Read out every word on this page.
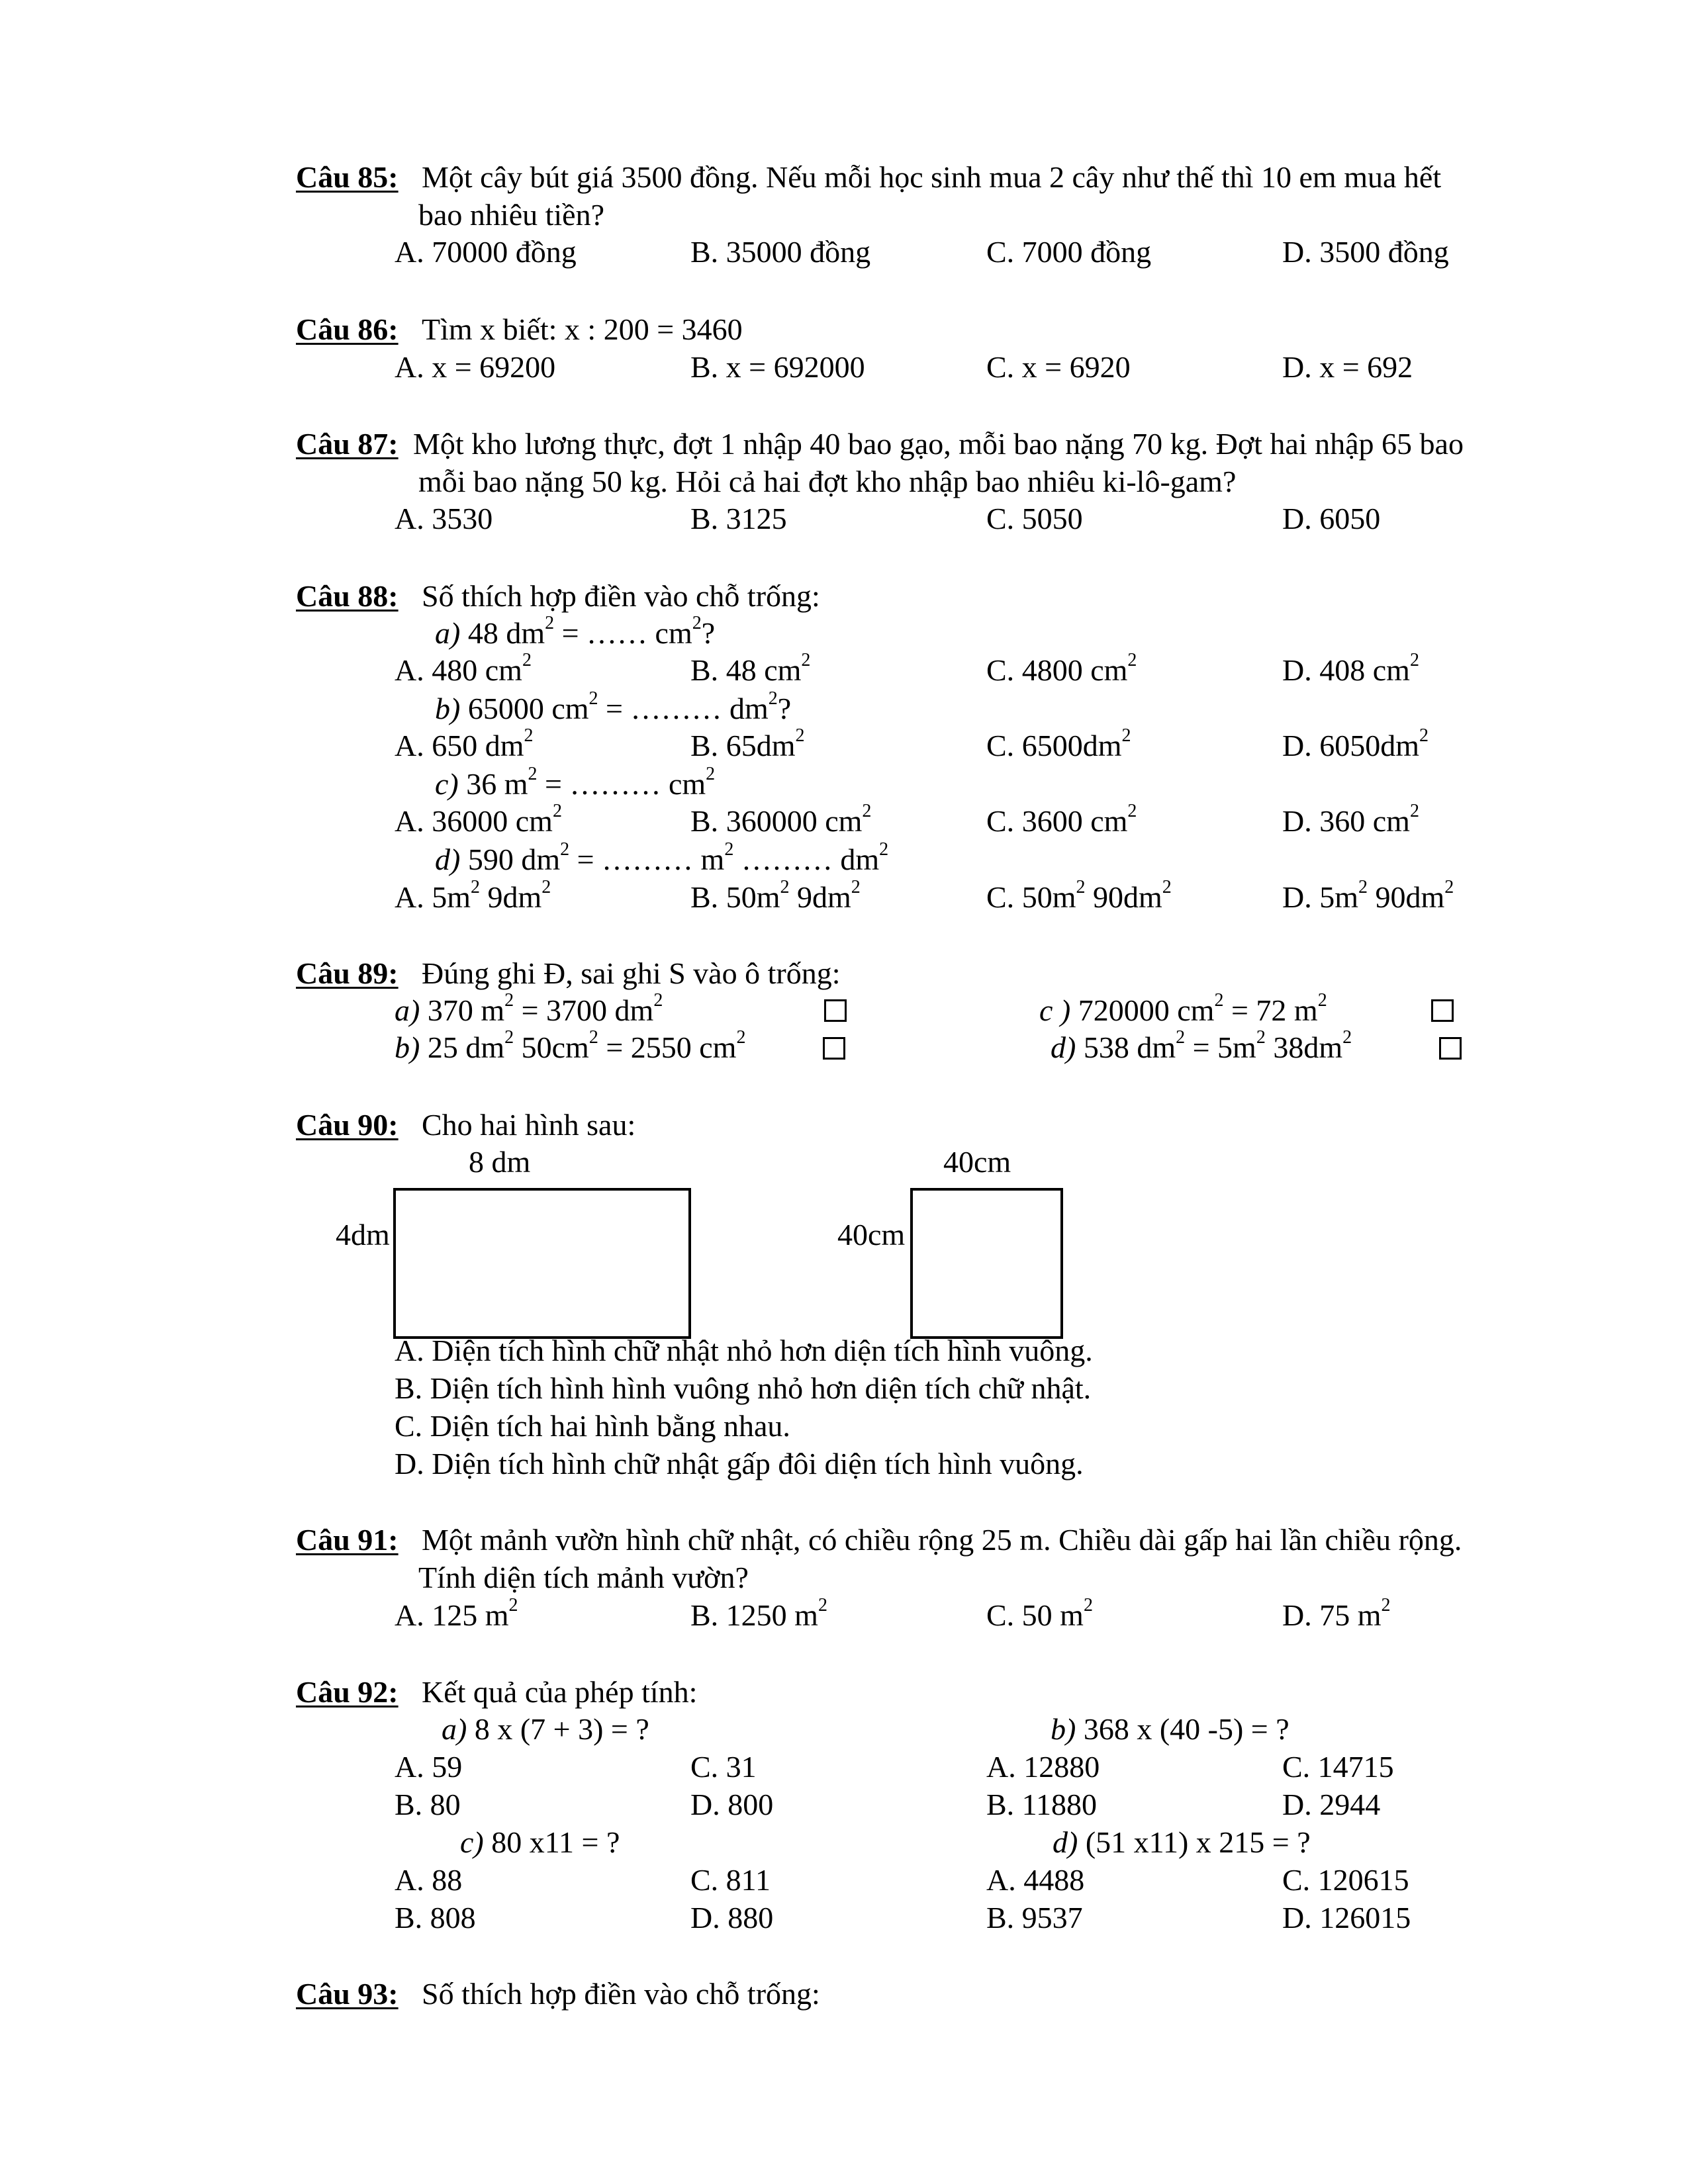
Câu 85: Một cây bút giá 3500 đồng. Nếu mỗi học sinh mua 2 cây như thế thì 10 em mua hết
bao nhiêu tiền?
A. 70000 đồng	B. 35000 đồng	C. 7000 đồng	D. 3500 đồng
Câu 86: Tìm x biết: x : 200 = 3460
A. x = 69200	B. x = 692000	C. x = 6920	D. x = 692
Câu 87: Một kho lương thực, đợt 1 nhập 40 bao gạo, mỗi bao nặng 70 kg. Đợt hai nhập 65 bao
mỗi bao nặng 50 kg. Hỏi cả hai đợt kho nhập bao nhiêu ki-lô-gam?
A. 3530	B. 3125	C. 5050	D. 6050
Câu 88: Số thích hợp điền vào chỗ trống:
a) 48 $dm^2$ = …… $cm^2$?
A. 480 $cm^2$	B. 48 $cm^2$	C. 4800 $cm^2$	D. 408 $cm^2$
b) 65000 $cm^2$ = ……… $dm^2$?
A. 650 $dm^2$	B. $65dm^2$	C. $6500dm^2$	D. $6050dm^2$
c) 36 $m^2$ = ……… $cm^2$
A. 36000 $cm^2$	B. 360000 $cm^2$	C. 3600 $cm^2$	D. 360 $cm^2$
d) 590 $dm^2$ = ……… $m^2$ ……… $dm^2$
A. $5m^2$ $9dm^2$	B. $50m^2$ $9dm^2$	C. $50m^2$ $90dm^2$	D. $5m^2$ $90dm^2$
Câu 89: Đúng ghi Đ, sai ghi S vào ô trống:
a) 370 $m^2 = 3700$ $dm^2$	c ) 720000 $cm^2 = 72$ $m^2$
b) 25 $dm^2$ $50cm^2 = 2550$ $cm^2$	d) 538 $dm^2 = 5m^2$ $38dm^2$
Câu 90: Cho hai hình sau:
8 dm	40cm
4dm	40cm
A. Diện tích hình chữ nhật nhỏ hơn diện tích hình vuông.
B. Diện tích hình hình vuông nhỏ hơn diện tích chữ nhật.
C. Diện tích hai hình bằng nhau.
D. Diện tích hình chữ nhật gấp đôi diện tích hình vuông.
Câu 91: Một mảnh vườn hình chữ nhật, có chiều rộng 25 m. Chiều dài gấp hai lần chiều rộng.
Tính diện tích mảnh vườn?
A. 125 $m^2$	B. 1250 $m^2$	C. 50 $m^2$	D. 75 $m^2$
Câu 92: Kết quả của phép tính:
a) 8 x (7 + 3) = ?	b) 368 x (40 -5) = ?
A. 59	C. 31	A. 12880	C. 14715
B. 80	D. 800	B. 11880	D. 2944
c) 80 x11 = ?	d) (51 x11) x 215 = ?
A. 88	C. 811	A. 4488	C. 120615
B. 808	D. 880	B. 9537	D. 126015
Câu 93: Số thích hợp điền vào chỗ trống:
